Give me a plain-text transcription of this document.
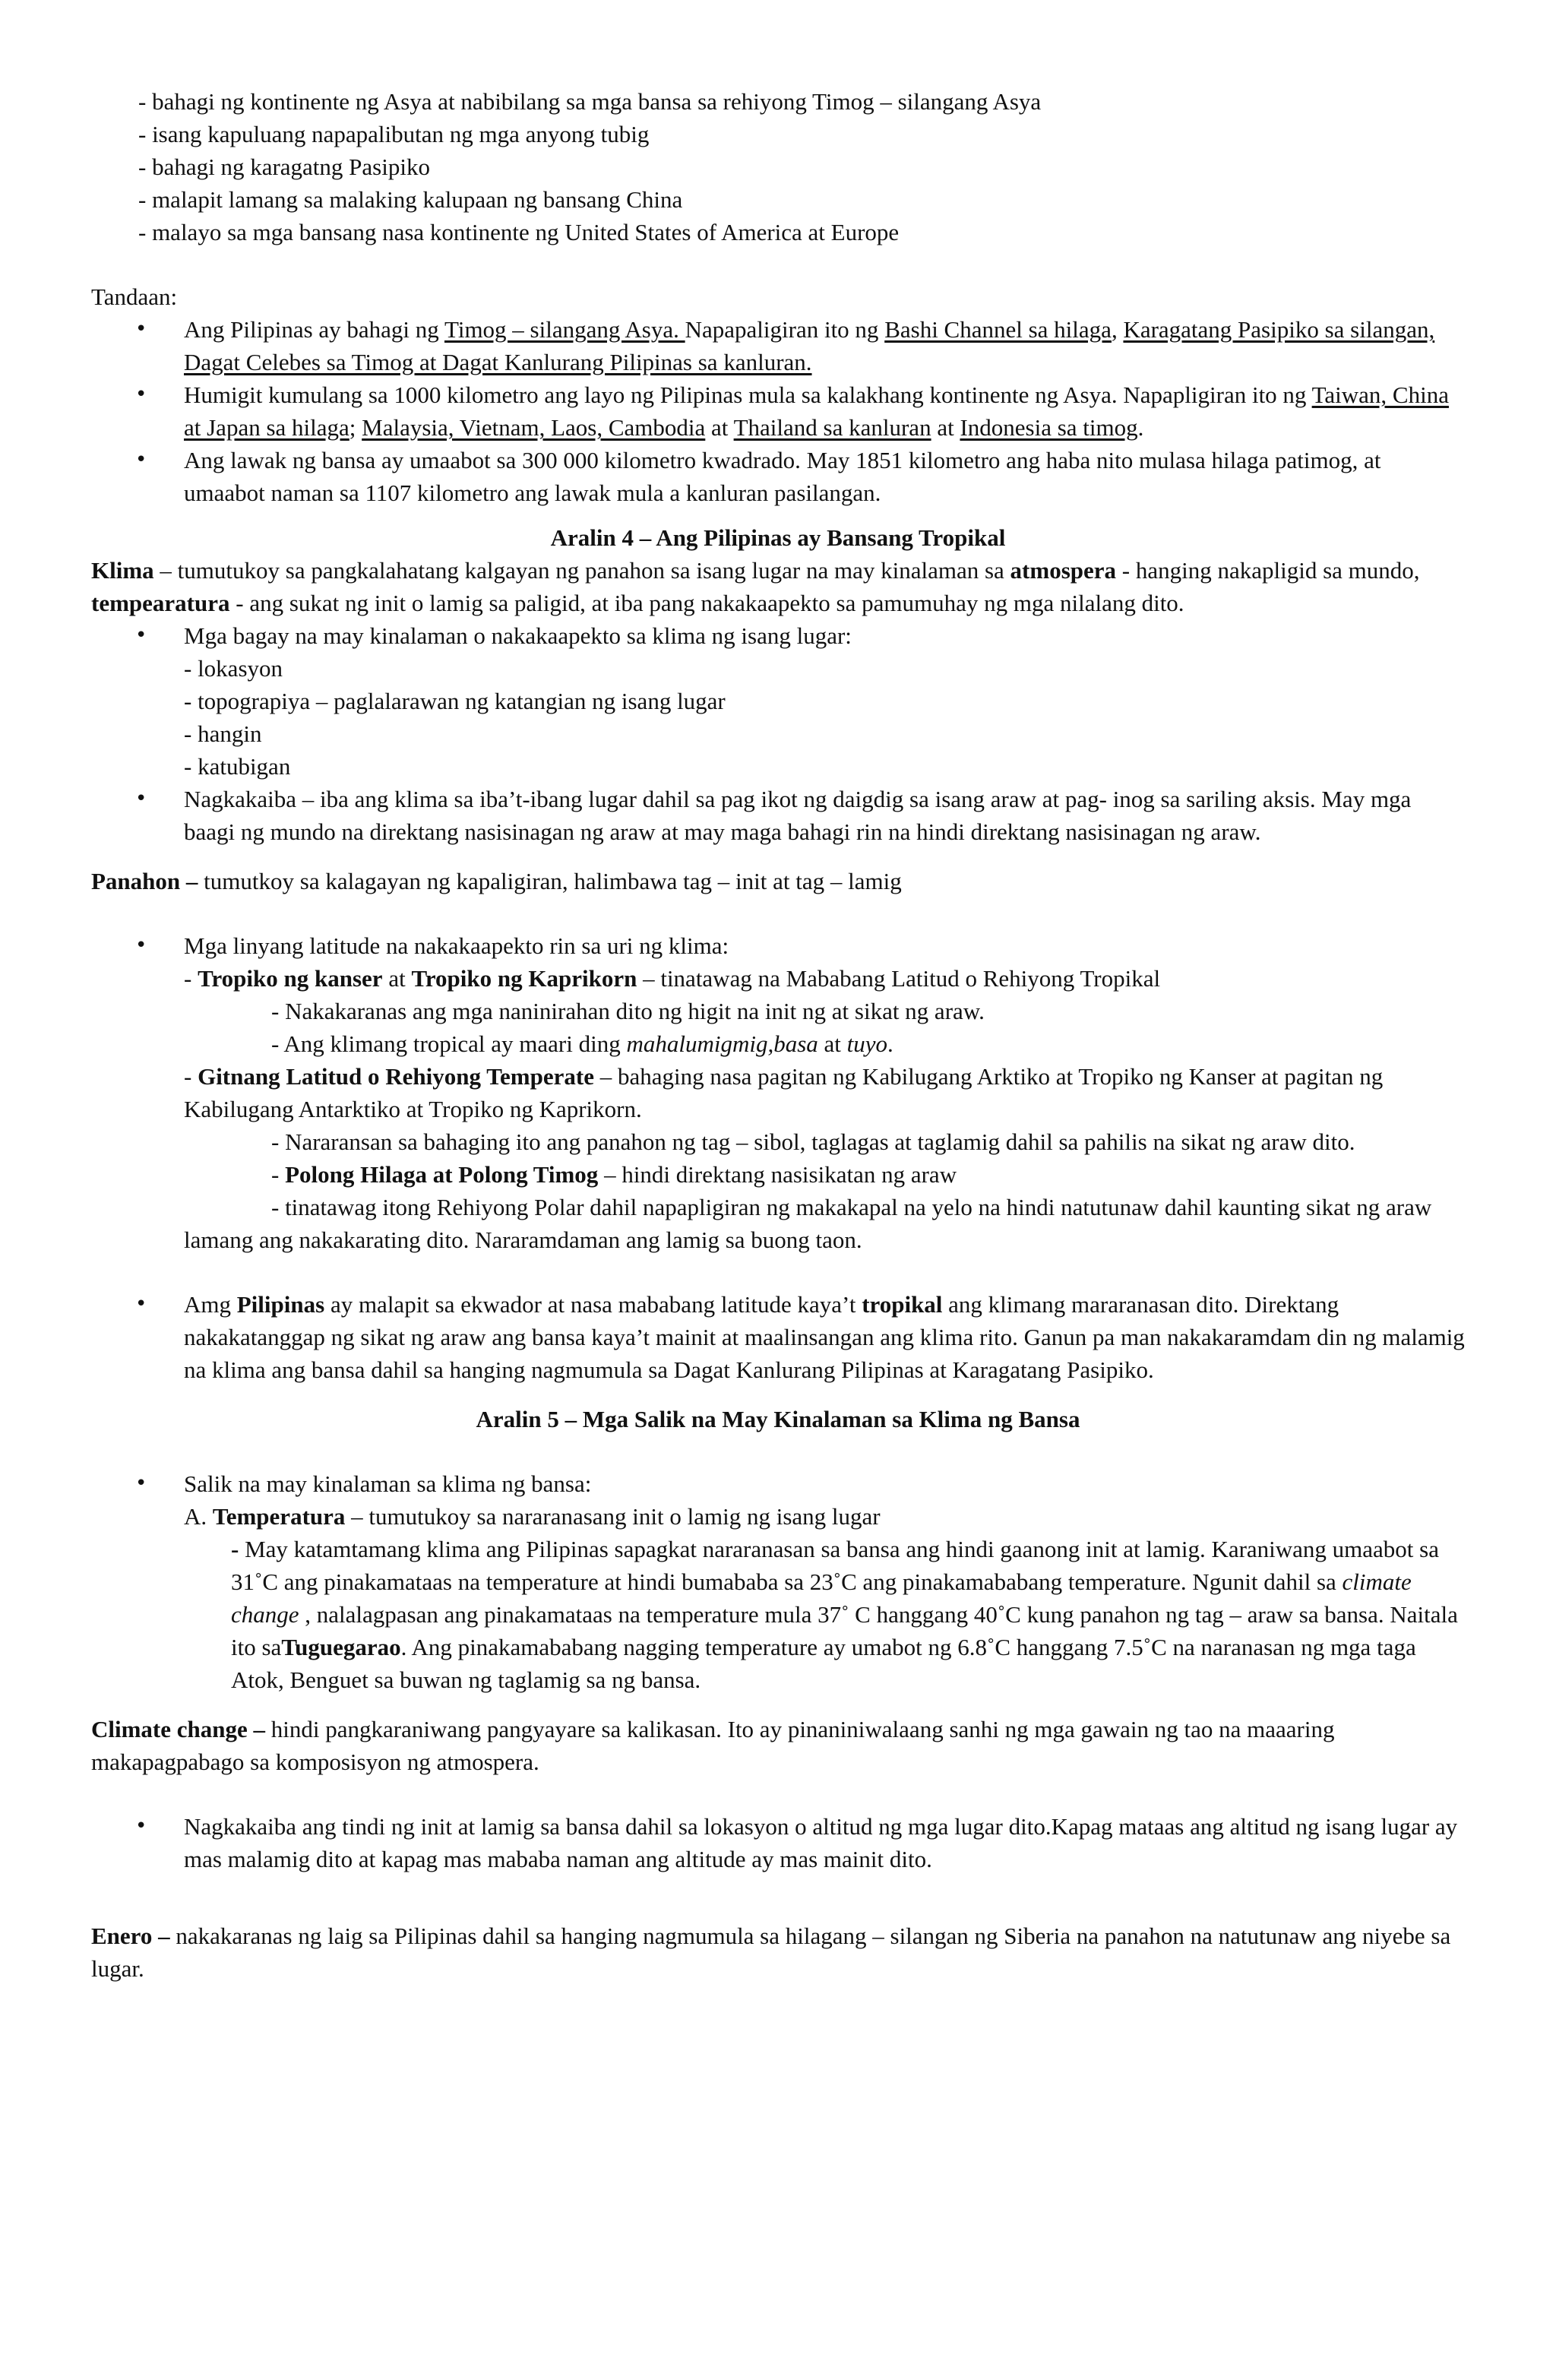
- bahagi ng kontinente ng Asya at nabibilang sa mga bansa sa rehiyong Timog – silangang Asya
- isang kapuluang napapalibutan ng mga anyong tubig
- bahagi ng karagatng Pasipiko
- malapit lamang sa malaking kalupaan ng bansang China
- malayo sa mga bansang nasa kontinente ng United States of America at Europe

Tandaan:

• Ang Pilipinas ay bahagi ng Timog – silangang Asya. Napapaligiran ito ng Bashi Channel sa hilaga, Karagatang Pasipiko sa silangan, Dagat Celebes sa Timog at Dagat Kanlurang Pilipinas sa kanluran.
• Humigit kumulang sa 1000 kilometro ang layo ng Pilipinas mula sa kalakhang kontinente ng Asya. Napapligiran ito ng Taiwan, China at Japan sa hilaga; Malaysia, Vietnam, Laos, Cambodia at Thailand sa kanluran at Indonesia sa timog.
• Ang lawak ng bansa ay umaabot sa 300 000 kilometro kwadrado. May 1851 kilometro ang haba nito mulasa hilaga patimog, at umaabot naman sa 1107 kilometro ang lawak mula a kanluran pasilangan.

Aralin 4 – Ang Pilipinas ay Bansang Tropikal

Klima – tumutukoy sa pangkalahatang kalgayan ng panahon sa isang lugar na may kinalaman sa atmospera - hanging nakapligid sa mundo, tempearatura - ang sukat ng init o lamig sa paligid, at iba pang nakakaapekto sa pamumuhay ng mga nilalang dito.

• Mga bagay na may kinalaman o nakakaapekto sa klima ng isang lugar:
- lokasyon
- topograpiya – paglalarawan ng katangian ng isang lugar
- hangin
- katubigan
• Nagkakaiba – iba ang klima sa iba’t-ibang lugar dahil sa pag ikot ng daigdig sa isang araw at pag- inog sa sariling aksis. May mga baagi ng mundo na direktang nasisinagan ng araw at may maga bahagi rin na hindi direktang nasisinagan ng araw.

Panahon – tumutkoy sa kalagayan ng kapaligiran, halimbawa tag – init at tag – lamig

• Mga linyang latitude na nakakaapekto rin sa uri ng klima:
- Tropiko ng kanser at Tropiko ng Kaprikorn – tinatawag na Mababang Latitud o Rehiyong Tropikal
- Nakakaranas ang mga naninirahan dito ng higit na init ng at sikat ng araw.
- Ang klimang tropical ay maari ding mahalumigmig,basa at tuyo.
- Gitnang Latitud o Rehiyong Temperate – bahaging nasa pagitan ng Kabilugang Arktiko at Tropiko ng Kanser at pagitan ng Kabilugang Antarktiko at Tropiko ng Kaprikorn.
- Nararansan sa bahaging ito ang panahon ng tag – sibol, taglagas at taglamig dahil sa pahilis na sikat ng araw dito.
- Polong Hilaga at Polong Timog – hindi direktang nasisikatan ng araw
- tinatawag itong Rehiyong Polar dahil napapligiran ng makakapal na yelo na hindi natutunaw dahil kaunting sikat ng araw lamang ang nakakarating dito. Nararamdaman ang lamig sa buong taon.
• Amg Pilipinas ay malapit sa ekwador at nasa mababang latitude kaya’t tropikal ang klimang mararanasan dito. Direktang nakakatanggap ng sikat ng araw ang bansa kaya’t mainit at maalinsangan ang klima rito. Ganun pa man nakakaramdam din ng malamig na klima ang bansa dahil sa hanging nagmumula sa Dagat Kanlurang Pilipinas at Karagatang Pasipiko.

Aralin 5 – Mga Salik na May Kinalaman sa Klima ng Bansa

• Salik na may kinalaman sa klima ng bansa:
A. Temperatura – tumutukoy sa nararanasang init o lamig ng isang lugar
- May katamtamang klima ang Pilipinas sapagkat nararanasan sa bansa ang hindi gaanong init at lamig. Karaniwang umaabot sa 31˚C ang pinakamataas na temperature at hindi bumababa sa 23˚C ang pinakamababang temperature. Ngunit dahil sa climate change , nalalagpasan ang pinakamataas na temperature mula 37˚ C hanggang 40˚C kung panahon ng tag – araw sa bansa. Naitala ito saTuguegarao. Ang pinakamababang nagging temperature ay umabot ng 6.8˚C hanggang 7.5˚C na naranasan ng mga taga Atok, Benguet sa buwan ng taglamig sa ng bansa.

Climate change – hindi pangkaraniwang pangyayare sa kalikasan. Ito ay pinaniniwalaang sanhi ng mga gawain ng tao na maaaring makapagpabago sa komposisyon ng atmospera.

• Nagkakaiba ang tindi ng init at lamig sa bansa dahil sa lokasyon o altitud ng mga lugar dito.Kapag mataas ang altitud ng isang lugar ay mas malamig dito at kapag mas mababa naman ang altitude ay mas mainit dito.

Enero – nakakaranas ng laig sa Pilipinas dahil sa hanging nagmumula sa hilagang – silangan ng Siberia na panahon na natutunaw ang niyebe sa lugar.
